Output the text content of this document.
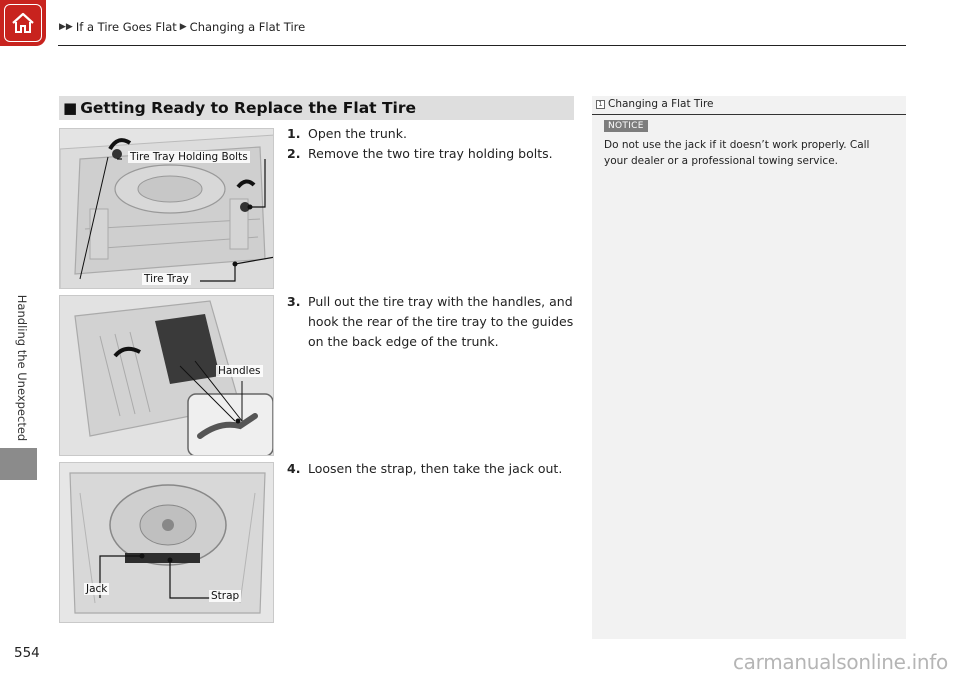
▶▶ If a Tire Goes Flat ▶ Changing a Flat Tire
Handling the Unexpected
554
■ Getting Ready to Replace the Flat Tire
Tire Tray Holding Bolts
Tire Tray
Handles
Jack
Strap
1. Open the trunk.
2. Remove the two tire tray holding bolts.
3. Pull out the tire tray with the handles, and hook the rear of the tire tray to the guides on the back edge of the trunk.
4. Loosen the strap, then take the jack out.
1 Changing a Flat Tire
NOTICE
Do not use the jack if it doesn’t work properly. Call your dealer or a professional towing service.
carmanualsonline.info
